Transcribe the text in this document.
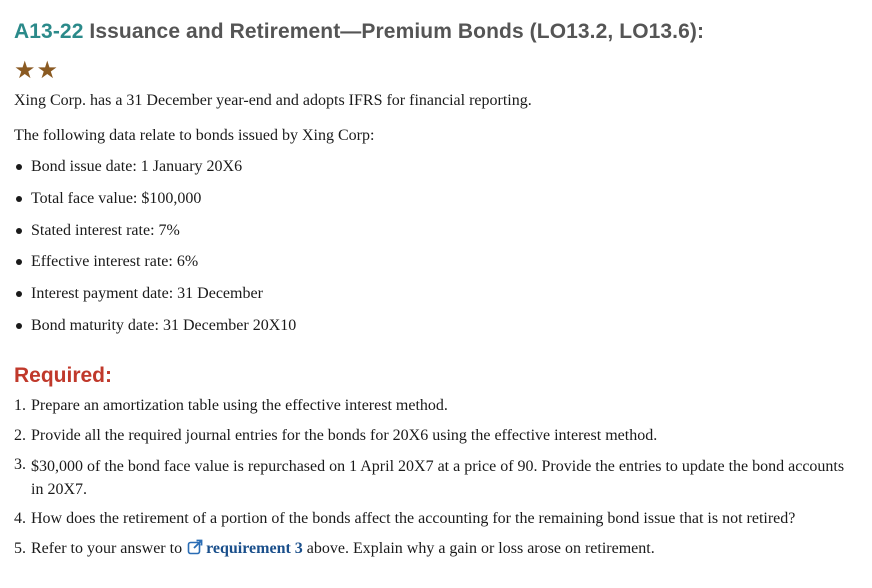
A13-22 Issuance and Retirement—Premium Bonds (LO13.2, LO13.6):
★★

Xing Corp. has a 31 December year-end and adopts IFRS for financial reporting.

The following data relate to bonds issued by Xing Corp:

Bond issue date: 1 January 20X6
Total face value: $100,000
Stated interest rate: 7%
Effective interest rate: 6%
Interest payment date: 31 December
Bond maturity date: 31 December 20X10
Required:
1. Prepare an amortization table using the effective interest method.
2. Provide all the required journal entries for the bonds for 20X6 using the effective interest method.
3. $30,000 of the bond face value is repurchased on 1 April 20X7 at a price of 90. Provide the entries to update the bond accounts in 20X7.
4. How does the retirement of a portion of the bonds affect the accounting for the remaining bond issue that is not retired?
5. Refer to your answer to requirement 3 above. Explain why a gain or loss arose on retirement.
